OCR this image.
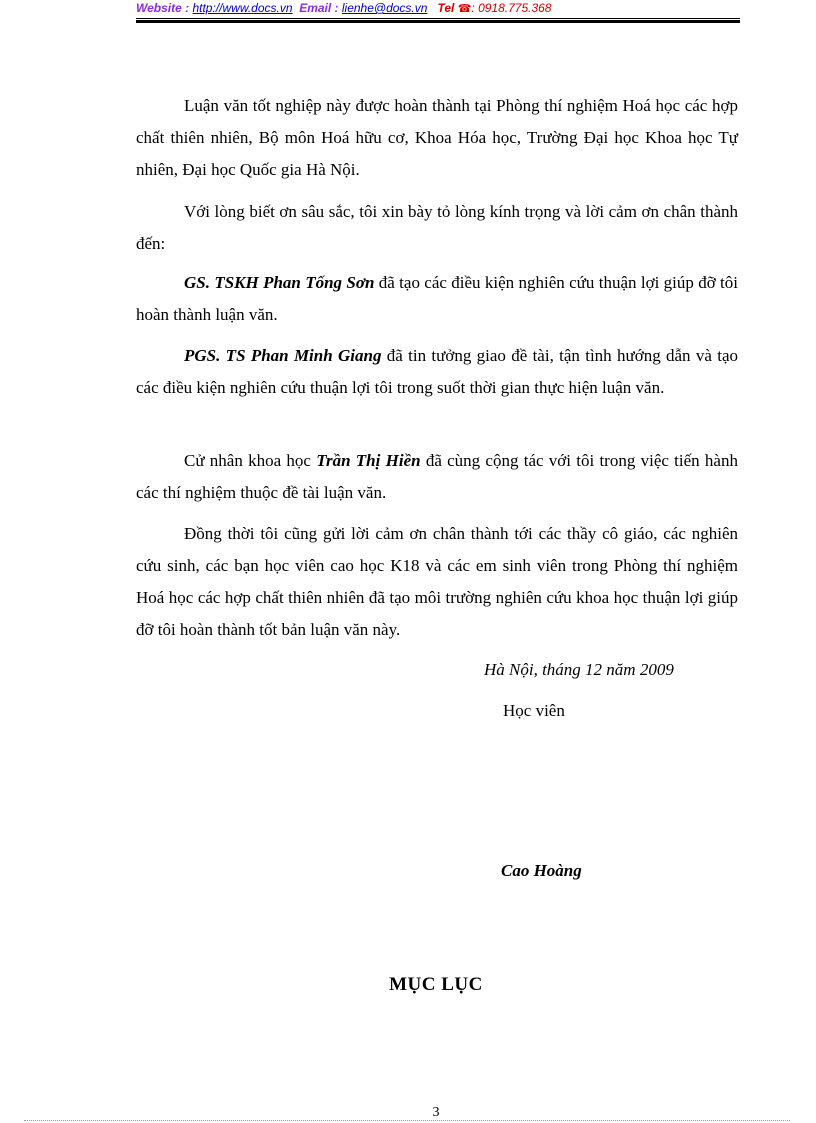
Website : http://www.docs.vn Email : lienhe@docs.vn Tel ☎: 0918.775.368

Luận văn tốt nghiệp này được hoàn thành tại Phòng thí nghiệm Hoá học các hợp chất thiên nhiên, Bộ môn Hoá hữu cơ, Khoa Hóa học, Trường Đại học Khoa học Tự nhiên, Đại học Quốc gia Hà Nội.

Với lòng biết ơn sâu sắc, tôi xin bày tỏ lòng kính trọng và lời cảm ơn chân thành đến:

GS. TSKH Phan Tống Sơn đã tạo các điều kiện nghiên cứu thuận lợi giúp đỡ tôi hoàn thành luận văn.

PGS. TS Phan Minh Giang đã tin tưởng giao đề tài, tận tình hướng dẫn và tạo các điều kiện nghiên cứu thuận lợi tôi trong suốt thời gian thực hiện luận văn.

Cử nhân khoa học Trần Thị Hiền đã cùng cộng tác với tôi trong việc tiến hành các thí nghiệm thuộc đề tài luận văn.

Đồng thời tôi cũng gửi lời cảm ơn chân thành tới các thầy cô giáo, các nghiên cứu sinh, các bạn học viên cao học K18 và các em sinh viên trong Phòng thí nghiệm Hoá học các hợp chất thiên nhiên đã tạo môi trường nghiên cứu khoa học thuận lợi giúp đỡ tôi hoàn thành tốt bản luận văn này.

Hà Nội, tháng 12 năm 2009
Học viên
Cao Hoàng
MỤC LỤC
3
